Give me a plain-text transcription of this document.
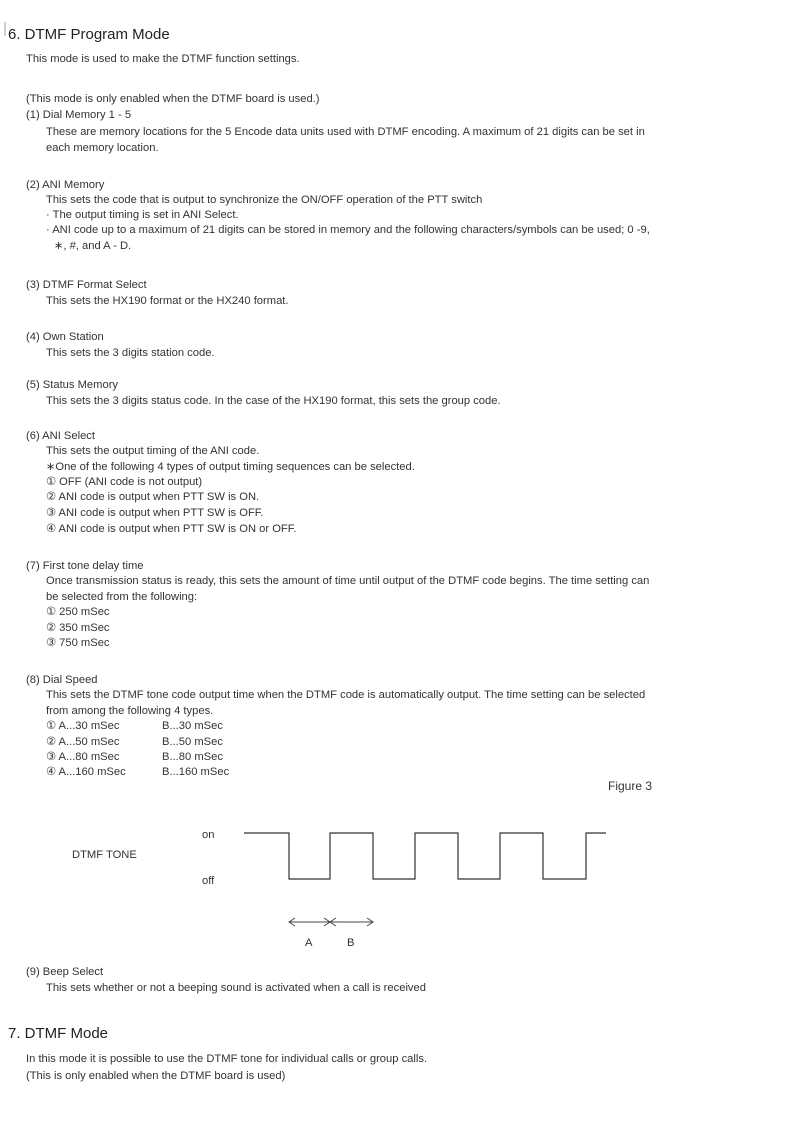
6. DTMF Program Mode
This mode is used to make the DTMF function settings.
(This mode is only enabled when the DTMF board is used.)
(1) Dial Memory 1 - 5
These are memory locations for the 5 Encode data units used with DTMF encoding. A maximum of 21 digits can be set in
each memory location.
(2) ANI Memory
This sets the code that is output to synchronize the ON/OFF operation of the PTT switch
· The output timing is set in ANI Select.
· ANI code up to a maximum of 21 digits can be stored in memory and the following characters/symbols can be used; 0 -9,
∗, #, and A - D.
(3) DTMF Format Select
This sets the HX190 format or the HX240 format.
(4) Own Station
This sets the 3 digits station code.
(5) Status Memory
This sets the 3 digits status code. In the case of the HX190 format, this sets the group code.
(6) ANI Select
This sets the output timing of the ANI code.
∗One of the following 4 types of output timing sequences can be selected.
① OFF (ANI code is not output)
② ANI code is output when PTT SW is ON.
③ ANI code is output when PTT SW is OFF.
④ ANI code is output when PTT SW is ON or OFF.
(7) First tone delay time
Once transmission status is ready, this sets the amount of time until output of the DTMF code begins. The time setting can
be selected from the following:
① 250 mSec
② 350 mSec
③ 750 mSec
(8) Dial Speed
This sets the DTMF tone code output time when the DTMF code is automatically output. The time setting can be selected
from among the following 4 types.
① A...30 mSec	B...30 mSec
② A...50 mSec	B...50 mSec
③ A...80 mSec	B...80 mSec
④ A...160 mSec	B...160 mSec
Figure 3
DTMF TONE
on
off
A	B
(9) Beep Select
This sets whether or not a beeping sound is activated when a call is received
7. DTMF Mode
In this mode it is possible to use the DTMF tone for individual calls or group calls.
(This is only enabled when the DTMF board is used)
